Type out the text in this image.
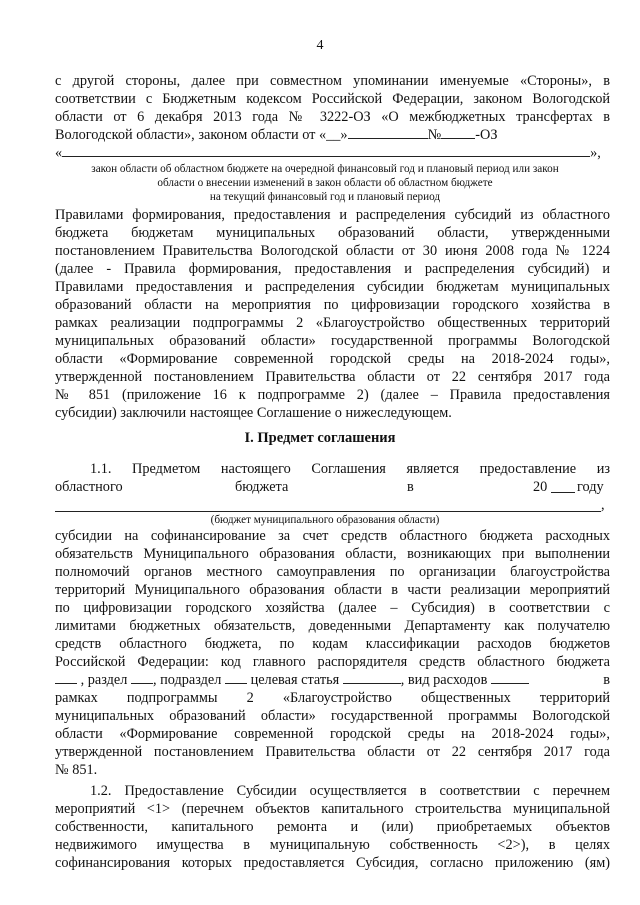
4
с другой стороны, далее при совместном упоминании именуемые «Стороны», в
соответствии с Бюджетным кодексом Российской Федерации, законом Вологодской
области от 6 декабря 2013 года № 3222-ОЗ «О межбюджетных трансфертах в
Вологодской области», законом области от «__»	№ -ОЗ
«	»,
закон области об областном бюджете на очередной финансовый год и плановый период или закон
области о внесении изменений в закон области об областном бюджете
на текущий финансовый год и плановый период
Правилами формирования, предоставления и распределения субсидий из областного
бюджета бюджетам муниципальных образований области, утвержденными
постановлением Правительства Вологодской области от 30 июня 2008 года № 1224
(далее - Правила формирования, предоставления и распределения субсидий) и
Правилами предоставления и распределения субсидии бюджетам муниципальных
образований области на мероприятия по цифровизации городского хозяйства в
рамках реализации подпрограммы 2 «Благоустройство общественных территорий
муниципальных образований области» государственной программы Вологодской
области «Формирование современной городской среды на 2018-2024 годы»,
утвержденной постановлением Правительства области от 22 сентября 2017 года
№ 851 (приложение 16 к подпрограмме 2) (далее – Правила предоставления
субсидии) заключили настоящее Соглашение о нижеследующем.
I. Предмет соглашения
1.1. Предметом настоящего Соглашения является предоставление из
областного	бюджета	в	20 году
,
(бюджет муниципального образования области)
субсидии на софинансирование за счет средств областного бюджета расходных
обязательств Муниципального образования области, возникающих при выполнении
полномочий органов местного самоуправления по организации благоустройства
территорий Муниципального образования области в части реализации мероприятий
по цифровизации городского хозяйства (далее – Субсидия) в соответствии с
лимитами бюджетных обязательств, доведенными Департаменту как получателю
средств областного бюджета, по кодам классификации расходов бюджетов
Российской Федерации: код главного распорядителя средств областного бюджета
, раздел , подраздел целевая статья	, вид расходов	в
рамках подпрограммы 2 «Благоустройство общественных территорий
муниципальных образований области» государственной программы Вологодской
области «Формирование современной городской среды на 2018-2024 годы»,
утвержденной постановлением Правительства области от 22 сентября 2017 года
№ 851.
1.2. Предоставление Субсидии осуществляется в соответствии с перечнем
мероприятий <1> (перечнем объектов капитального строительства муниципальной
собственности, капитального ремонта и (или) приобретаемых объектов
недвижимого имущества в муниципальную собственность <2>), в целях
софинансирования которых предоставляется Субсидия, согласно приложению (ям)
